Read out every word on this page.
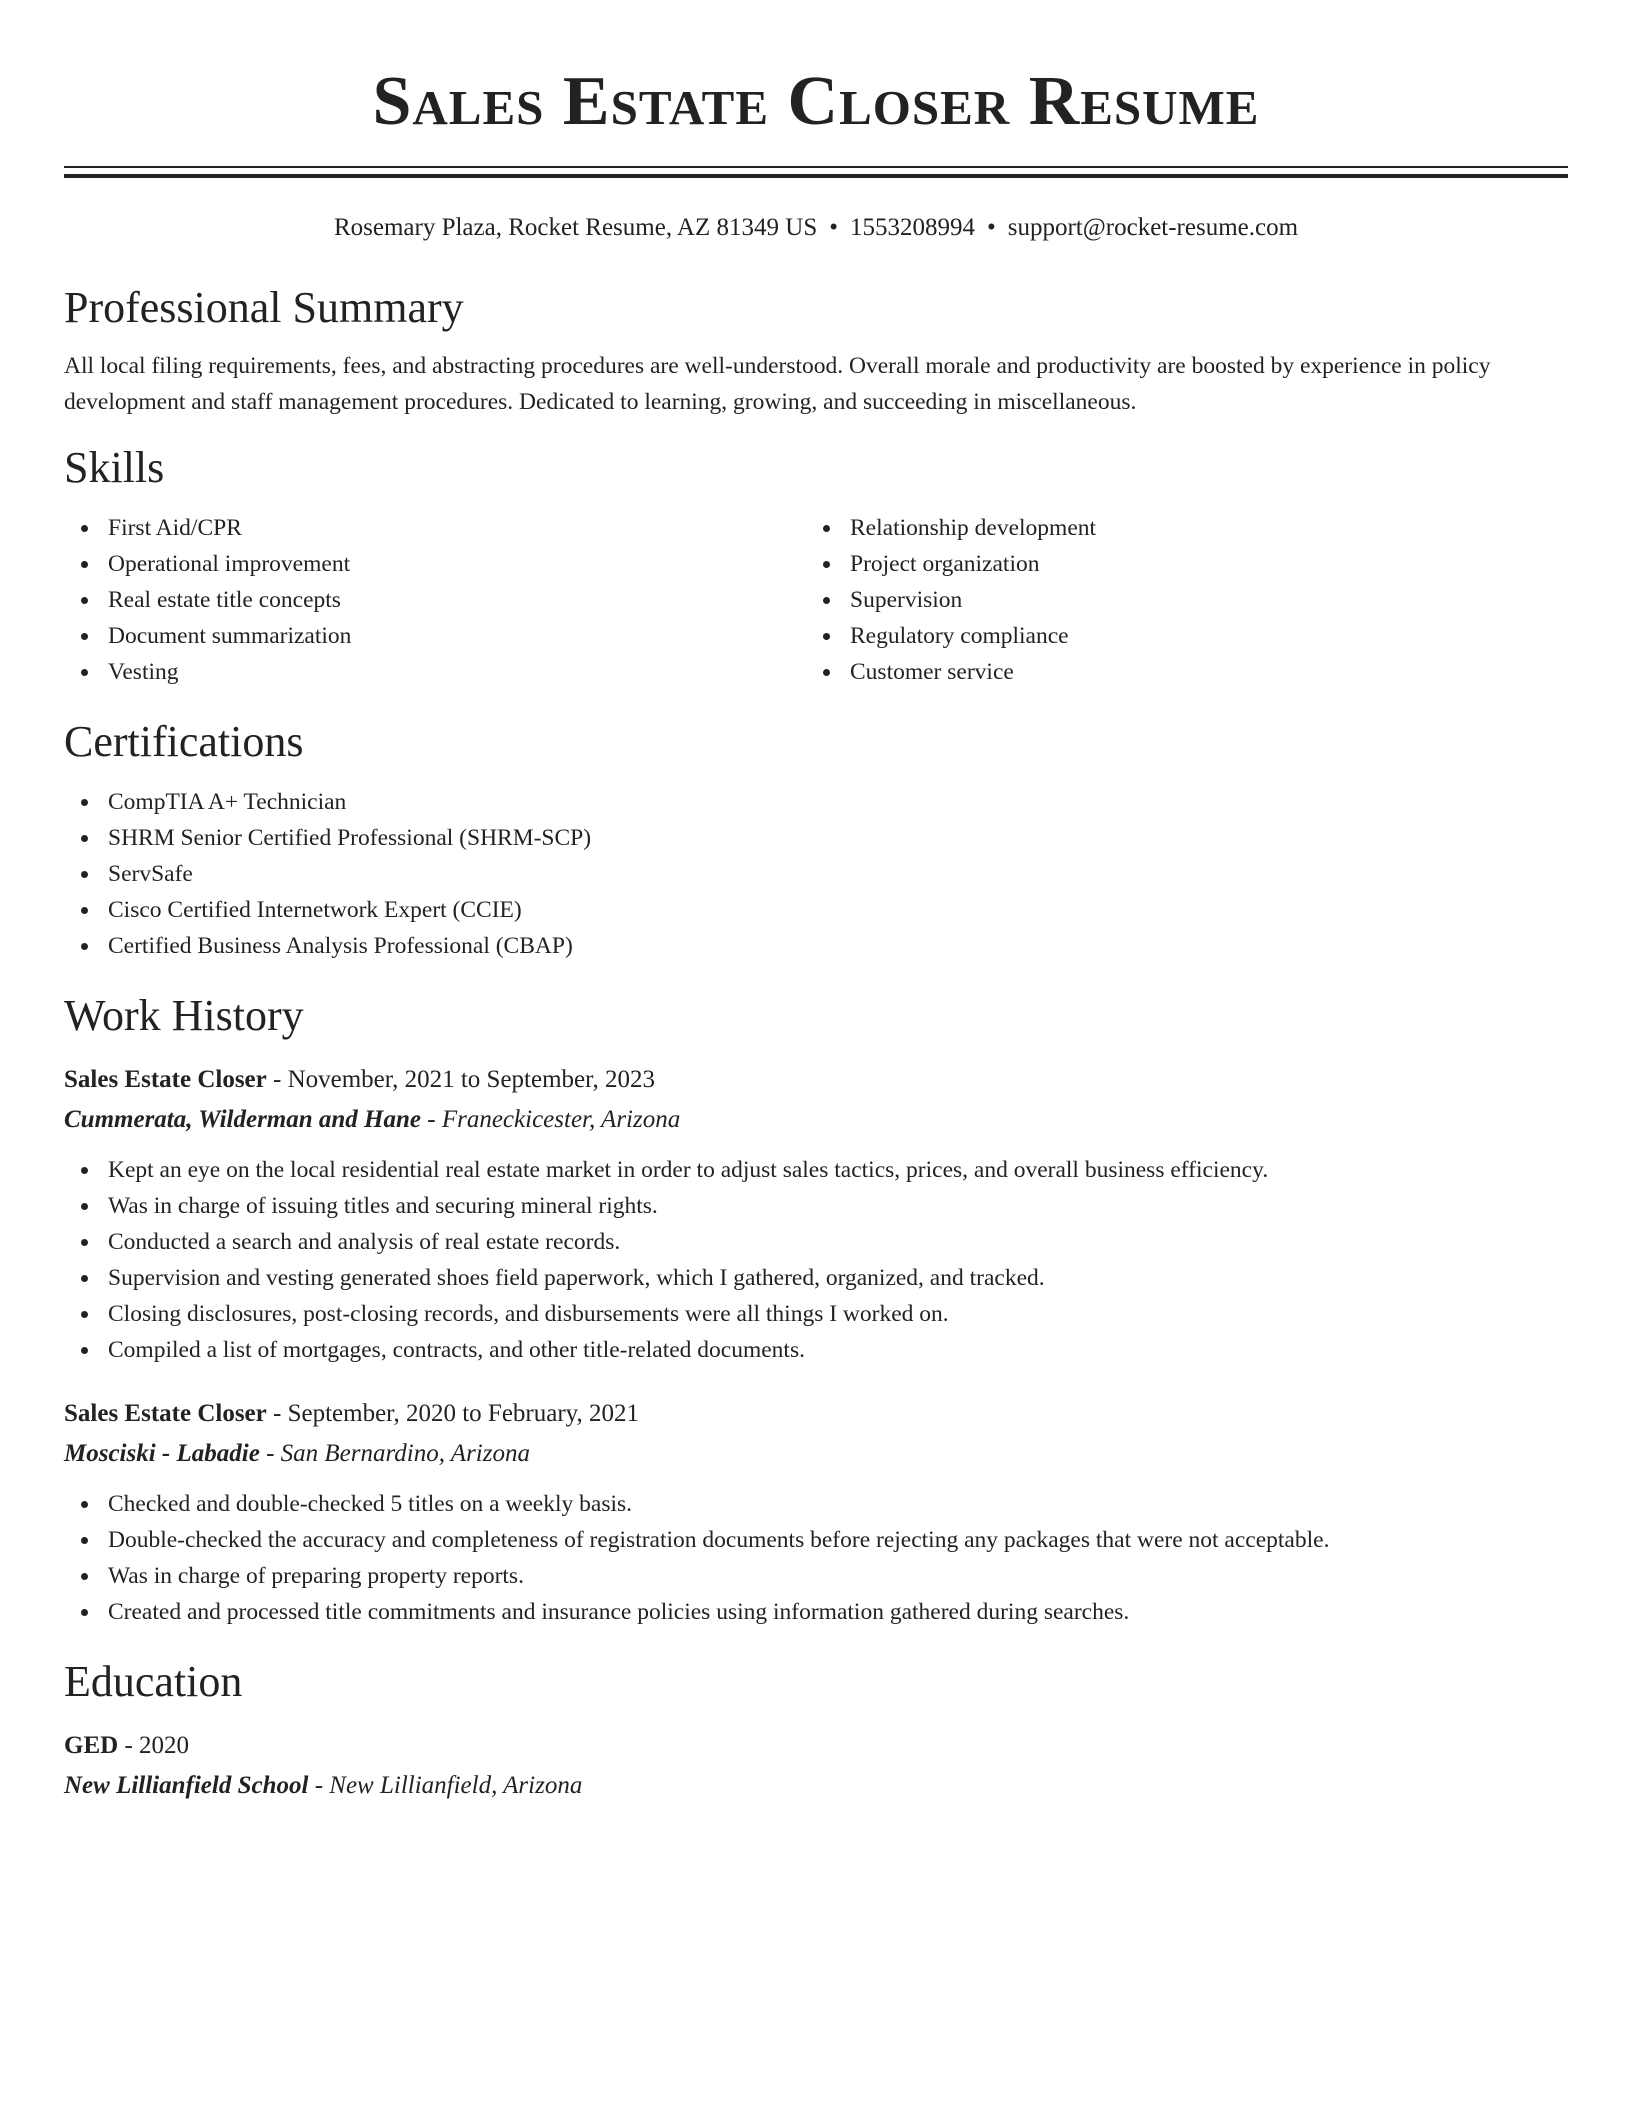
Sales Estate Closer Resume
Rosemary Plaza, Rocket Resume, AZ 81349 US • 1553208994 • support@rocket-resume.com
Professional Summary

All local filing requirements, fees, and abstracting procedures are well-understood. Overall morale and productivity are boosted by experience in policy development and staff management procedures. Dedicated to learning, growing, and succeeding in miscellaneous.

Skills
First Aid/CPR
Operational improvement
Real estate title concepts
Document summarization
Vesting
Relationship development
Project organization
Supervision
Regulatory compliance
Customer service
Certifications
CompTIA A+ Technician
SHRM Senior Certified Professional (SHRM-SCP)
ServSafe
Cisco Certified Internetwork Expert (CCIE)
Certified Business Analysis Professional (CBAP)
Work History
Sales Estate Closer - November, 2021 to September, 2023
Cummerata, Wilderman and Hane - Franeckicester, Arizona
Kept an eye on the local residential real estate market in order to adjust sales tactics, prices, and overall business efficiency.
Was in charge of issuing titles and securing mineral rights.
Conducted a search and analysis of real estate records.
Supervision and vesting generated shoes field paperwork, which I gathered, organized, and tracked.
Closing disclosures, post-closing records, and disbursements were all things I worked on.
Compiled a list of mortgages, contracts, and other title-related documents.
Sales Estate Closer - September, 2020 to February, 2021
Mosciski - Labadie - San Bernardino, Arizona
Checked and double-checked 5 titles on a weekly basis.
Double-checked the accuracy and completeness of registration documents before rejecting any packages that were not acceptable.
Was in charge of preparing property reports.
Created and processed title commitments and insurance policies using information gathered during searches.
Education
GED - 2020
New Lillianfield School - New Lillianfield, Arizona
